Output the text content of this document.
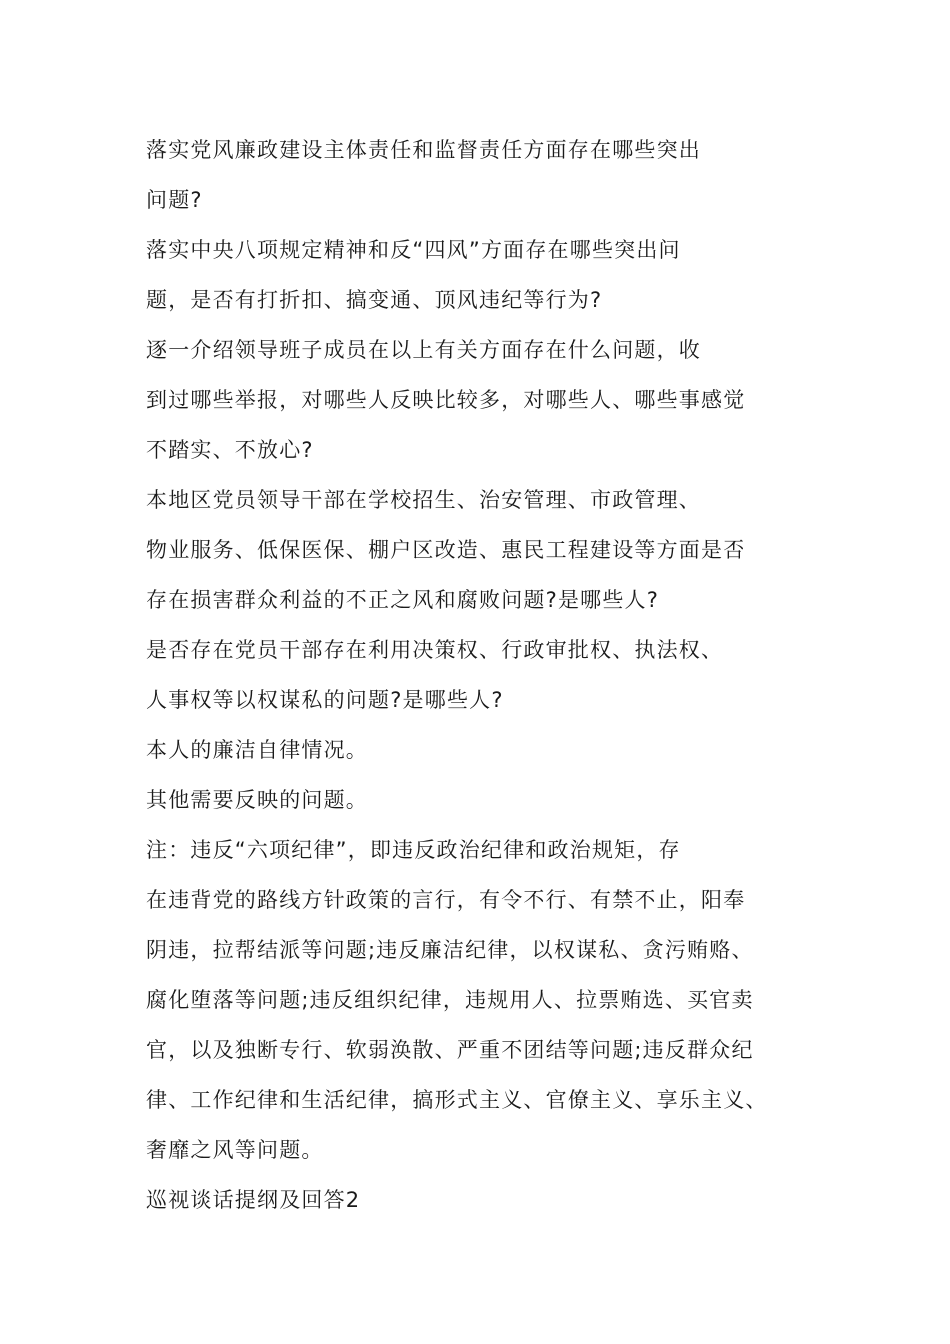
落实党风廉政建设主体责任和监督责任方面存在哪些突出
问题?
落实中央八项规定精神和反“四风”方面存在哪些突出问
题，是否有打折扣、搞变通、顶风违纪等行为?
逐一介绍领导班子成员在以上有关方面存在什么问题，收
到过哪些举报，对哪些人反映比较多，对哪些人、哪些事感觉
不踏实、不放心?
本地区党员领导干部在学校招生、治安管理、市政管理、
物业服务、低保医保、棚户区改造、惠民工程建设等方面是否
存在损害群众利益的不正之风和腐败问题?是哪些人?
是否存在党员干部存在利用决策权、行政审批权、执法权、
人事权等以权谋私的问题?是哪些人?
本人的廉洁自律情况。
其他需要反映的问题。
注：违反“六项纪律”，即违反政治纪律和政治规矩，存
在违背党的路线方针政策的言行，有令不行、有禁不止，阳奉
阴违，拉帮结派等问题;违反廉洁纪律，以权谋私、贪污贿赂、
腐化堕落等问题;违反组织纪律，违规用人、拉票贿选、买官卖
官，以及独断专行、软弱涣散、严重不团结等问题;违反群众纪
律、工作纪律和生活纪律，搞形式主义、官僚主义、享乐主义、
奢靡之风等问题。
巡视谈话提纲及回答2
